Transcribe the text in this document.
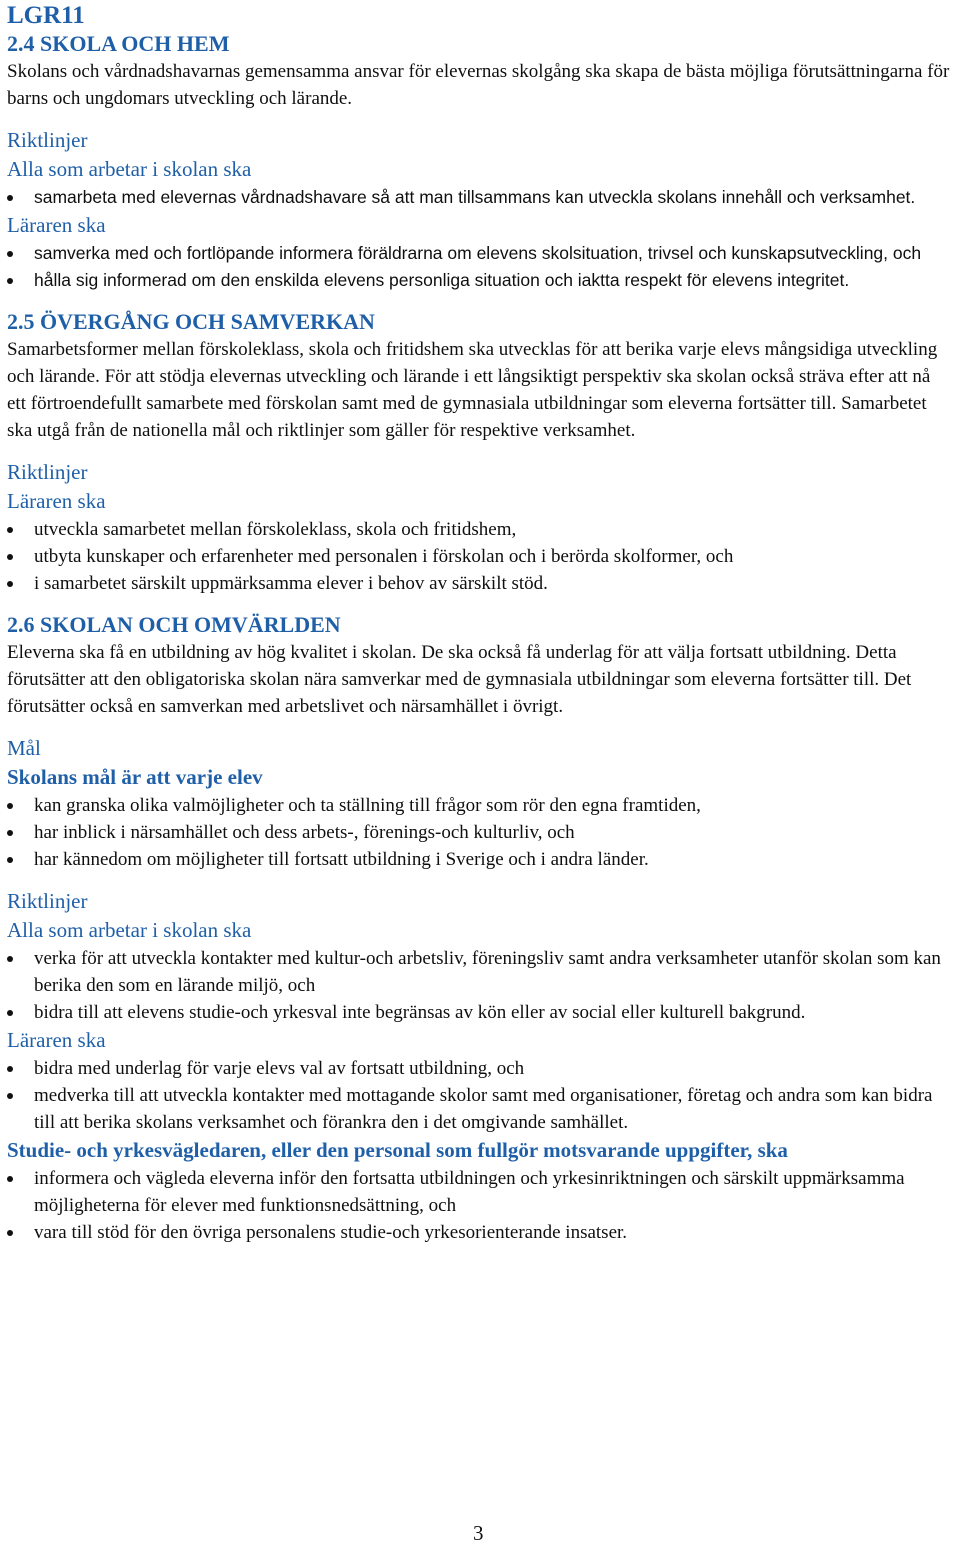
LGR11
2.4 SKOLA OCH HEM

Skolans och vårdnadshavarnas gemensamma ansvar för elevernas skolgång ska skapa de bästa möjliga förutsättningarna för barns och ungdomars utveckling och lärande.

Riktlinjer
Alla som arbetar i skolan ska
samarbeta med elevernas vårdnadshavare så att man tillsammans kan utveckla skolans innehåll och verksamhet.
Läraren ska
samverka med och fortlöpande informera föräldrarna om elevens skolsituation, trivsel och kunskapsutveckling, och
hålla sig informerad om den enskilda elevens personliga situation och iaktta respekt för elevens integritet.
2.5 ÖVERGÅNG OCH SAMVERKAN

Samarbetsformer mellan förskoleklass, skola och fritidshem ska utvecklas för att berika varje elevs mångsidiga utveckling och lärande. För att stödja elevernas utveckling och lärande i ett långsiktigt perspektiv ska skolan också sträva efter att nå ett förtroendefullt samarbete med förskolan samt med de gymnasiala utbildningar som eleverna fortsätter till. Samarbetet ska utgå från de nationella mål och riktlinjer som gäller för respektive verksamhet.

Riktlinjer
Läraren ska
utveckla samarbetet mellan förskoleklass, skola och fritidshem,
utbyta kunskaper och erfarenheter med personalen i förskolan och i berörda skolformer, och
i samarbetet särskilt uppmärksamma elever i behov av särskilt stöd.
2.6 SKOLAN OCH OMVÄRLDEN

Eleverna ska få en utbildning av hög kvalitet i skolan. De ska också få underlag för att välja fortsatt utbildning. Detta förutsätter att den obligatoriska skolan nära samverkar med de gymnasiala utbildningar som eleverna fortsätter till. Det förutsätter också en samverkan med arbetslivet och närsamhället i övrigt.

Mål
Skolans mål är att varje elev
kan granska olika valmöjligheter och ta ställning till frågor som rör den egna framtiden,
har inblick i närsamhället och dess arbets-, förenings-och kulturliv, och
har kännedom om möjligheter till fortsatt utbildning i Sverige och i andra länder.
Riktlinjer
Alla som arbetar i skolan ska
verka för att utveckla kontakter med kultur-och arbetsliv, föreningsliv samt andra verksamheter utanför skolan som kan berika den som en lärande miljö, och
bidra till att elevens studie-och yrkesval inte begränsas av kön eller av social eller kulturell bakgrund.
Läraren ska
bidra med underlag för varje elevs val av fortsatt utbildning, och
medverka till att utveckla kontakter med mottagande skolor samt med organisationer, företag och andra som kan bidra till att berika skolans verksamhet och förankra den i det omgivande samhället.
Studie- och yrkesvägledaren, eller den personal som fullgör motsvarande uppgifter, ska
informera och vägleda eleverna inför den fortsatta utbildningen och yrkesinriktningen och särskilt uppmärksamma möjligheterna för elever med funktionsnedsättning, och
vara till stöd för den övriga personalens studie-och yrkesorienterande insatser.
3
